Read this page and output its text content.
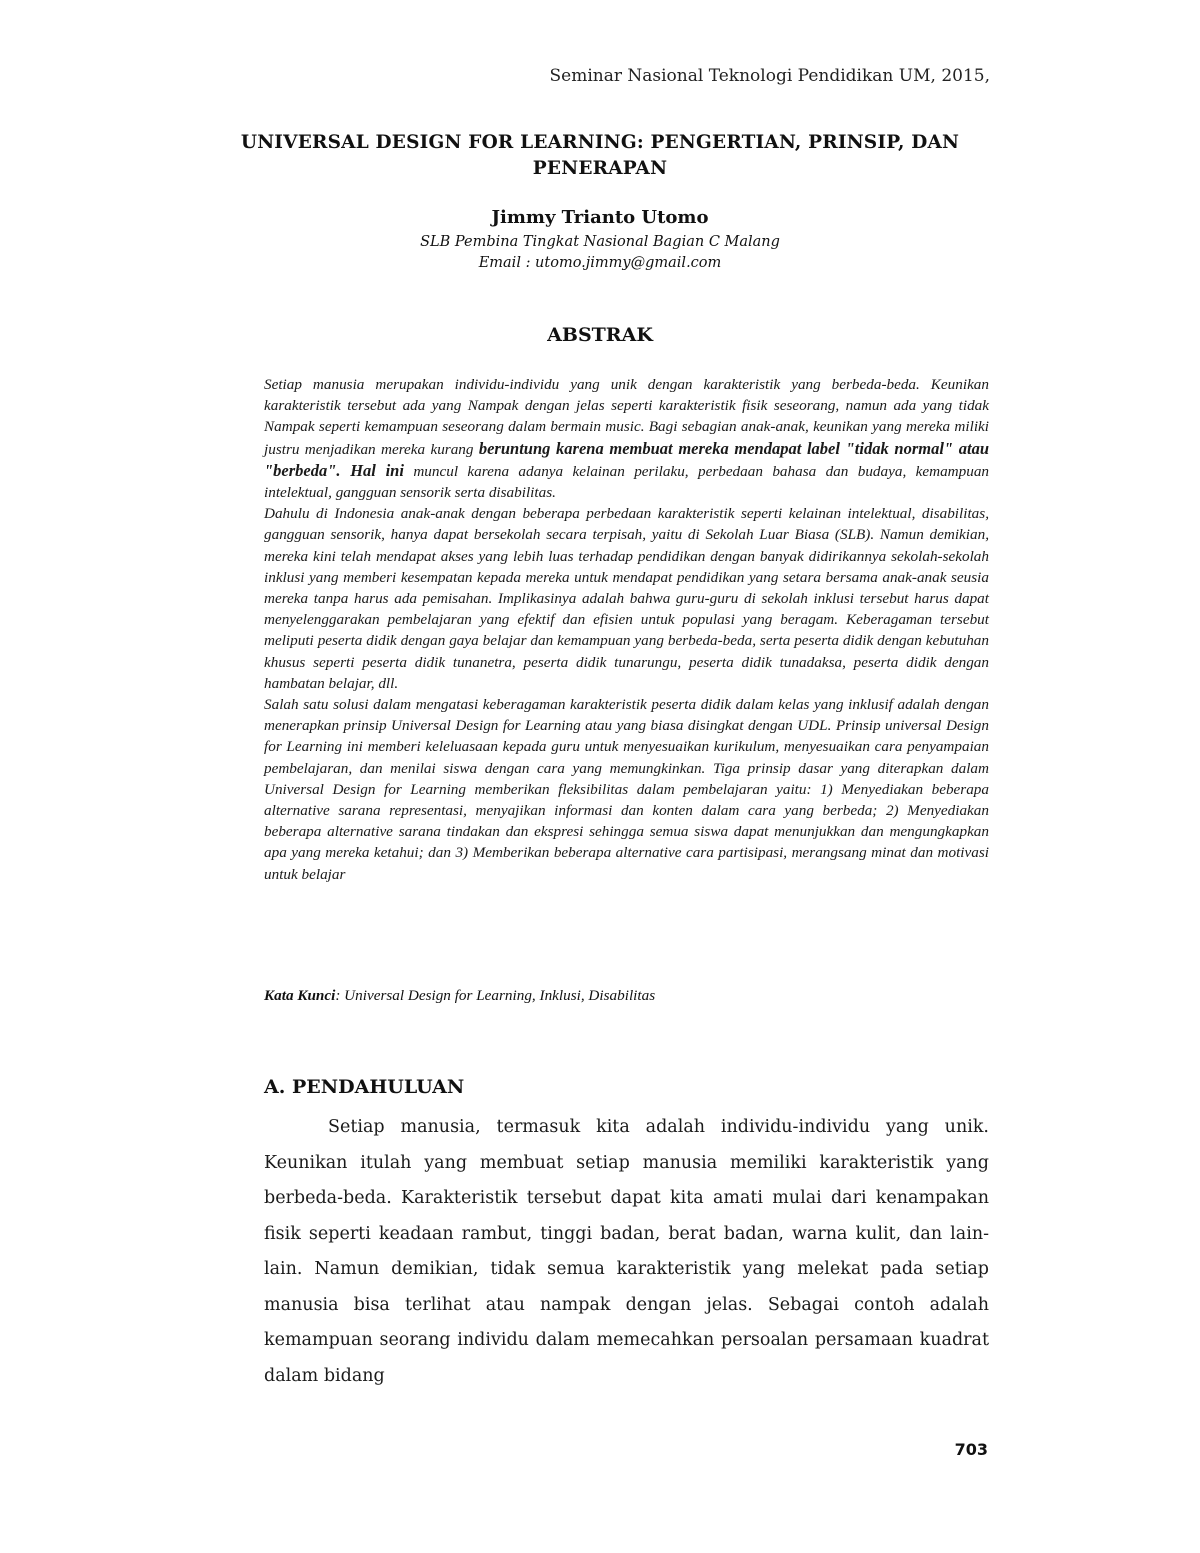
Seminar Nasional Teknologi Pendidikan UM, 2015,
UNIVERSAL DESIGN FOR LEARNING: PENGERTIAN, PRINSIP, DAN
PENERAPAN
Jimmy Trianto Utomo
SLB Pembina Tingkat Nasional Bagian C Malang
Email : utomo.jimmy@gmail.com
ABSTRAK

Setiap manusia merupakan individu-individu yang unik dengan karakteristik yang berbeda-beda. Keunikan karakteristik tersebut ada yang Nampak dengan jelas seperti karakteristik fisik seseorang, namun ada yang tidak Nampak seperti kemampuan seseorang dalam bermain music. Bagi sebagian anak-anak, keunikan yang mereka miliki justru menjadikan mereka kurang beruntung karena membuat mereka mendapat label "tidak normal" atau "berbeda". Hal ini muncul karena adanya kelainan perilaku, perbedaan bahasa dan budaya, kemampuan intelektual, gangguan sensorik serta disabilitas.

Dahulu di Indonesia anak-anak dengan beberapa perbedaan karakteristik seperti kelainan intelektual, disabilitas, gangguan sensorik, hanya dapat bersekolah secara terpisah, yaitu di Sekolah Luar Biasa (SLB). Namun demikian, mereka kini telah mendapat akses yang lebih luas terhadap pendidikan dengan banyak didirikannya sekolah-sekolah inklusi yang memberi kesempatan kepada mereka untuk mendapat pendidikan yang setara bersama anak-anak seusia mereka tanpa harus ada pemisahan. Implikasinya adalah bahwa guru-guru di sekolah inklusi tersebut harus dapat menyelenggarakan pembelajaran yang efektif dan efisien untuk populasi yang beragam. Keberagaman tersebut meliputi peserta didik dengan gaya belajar dan kemampuan yang berbeda-beda, serta peserta didik dengan kebutuhan khusus seperti peserta didik tunanetra, peserta didik tunarungu, peserta didik tunadaksa, peserta didik dengan hambatan belajar, dll.

Salah satu solusi dalam mengatasi keberagaman karakteristik peserta didik dalam kelas yang inklusif adalah dengan menerapkan prinsip Universal Design for Learning atau yang biasa disingkat dengan UDL. Prinsip universal Design for Learning ini memberi keleluasaan kepada guru untuk menyesuaikan kurikulum, menyesuaikan cara penyampaian pembelajaran, dan menilai siswa dengan cara yang memungkinkan. Tiga prinsip dasar yang diterapkan dalam Universal Design for Learning memberikan fleksibilitas dalam pembelajaran yaitu: 1) Menyediakan beberapa alternative sarana representasi, menyajikan informasi dan konten dalam cara yang berbeda; 2) Menyediakan beberapa alternative sarana tindakan dan ekspresi sehingga semua siswa dapat menunjukkan dan mengungkapkan apa yang mereka ketahui; dan 3) Memberikan beberapa alternative cara partisipasi, merangsang minat dan motivasi untuk belajar

Kata Kunci: Universal Design for Learning, Inklusi, Disabilitas
A. PENDAHULUAN
Setiap manusia, termasuk kita adalah individu-individu yang unik. Keunikan itulah yang membuat setiap manusia memiliki karakteristik yang berbeda-beda. Karakteristik tersebut dapat kita amati mulai dari kenampakan fisik seperti keadaan rambut, tinggi badan, berat badan, warna kulit, dan lain-lain. Namun demikian, tidak semua karakteristik yang melekat pada setiap manusia bisa terlihat atau nampak dengan jelas. Sebagai contoh adalah kemampuan seorang individu dalam memecahkan persoalan persamaan kuadrat dalam bidang
703
